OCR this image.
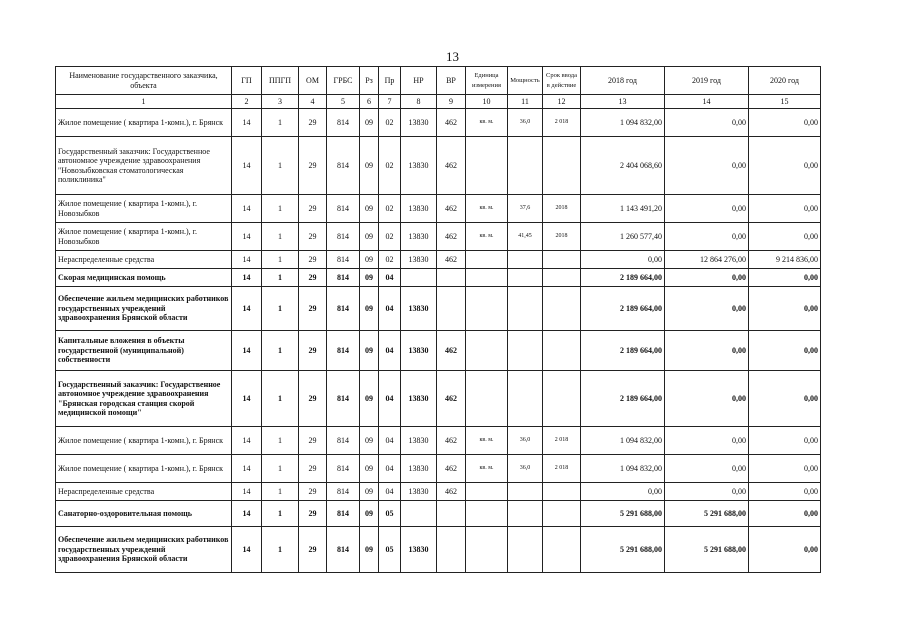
13
Наименование государственного заказчика, объекта	ГП	ППГП	ОМ	ГРБС	Рз	Пр	НР	ВР	Единица измерения	Мощность	Срок ввода в действие	2018 год	2019 год	2020 год
1	2	3	4	5	6	7	8	9	10	11	12	13	14	15
Жилое помещение ( квартира 1-комн.), г. Брянск	14	1	29	814	09	02	13830	462	кв. м.	36,0	2 018	1 094 832,00	0,00	0,00
Государственный заказчик: Государственное автономное учреждение здравоохранения "Новозыбковская стоматологическая поликлиника"	14	1	29	814	09	02	13830	462				2 404 068,60	0,00	0,00
Жилое помещение ( квартира 1-комн.), г. Новозыбков	14	1	29	814	09	02	13830	462	кв. м.	37,6	2018	1 143 491,20	0,00	0,00
Жилое помещение ( квартира 1-комн.), г. Новозыбков	14	1	29	814	09	02	13830	462	кв. м.	41,45	2018	1 260 577,40	0,00	0,00
Нераспределенные средства	14	1	29	814	09	02	13830	462				0,00	12 864 276,00	9 214 836,00
Скорая медицинская помощь	14	1	29	814	09	04						2 189 664,00	0,00	0,00
Обеспечение жильем медицинских работников государственных учреждений здравоохранения Брянской области	14	1	29	814	09	04	13830					2 189 664,00	0,00	0,00
Капитальные вложения в объекты государственной (муниципальной) собственности	14	1	29	814	09	04	13830	462				2 189 664,00	0,00	0,00
Государственный заказчик: Государственное автономное учреждение здравоохранения "Брянская городская станция скорой медицинской помощи"	14	1	29	814	09	04	13830	462				2 189 664,00	0,00	0,00
Жилое помещение ( квартира 1-комн.), г. Брянск	14	1	29	814	09	04	13830	462	кв. м.	36,0	2 018	1 094 832,00	0,00	0,00
Жилое помещение ( квартира 1-комн.), г. Брянск	14	1	29	814	09	04	13830	462	кв. м.	36,0	2 018	1 094 832,00	0,00	0,00
Нераспределенные средства	14	1	29	814	09	04	13830	462				0,00	0,00	0,00
Санаторно-оздоровительная помощь	14	1	29	814	09	05						5 291 688,00	5 291 688,00	0,00
Обеспечение жильем медицинских работников государственных учреждений здравоохранения Брянской области	14	1	29	814	09	05	13830					5 291 688,00	5 291 688,00	0,00
